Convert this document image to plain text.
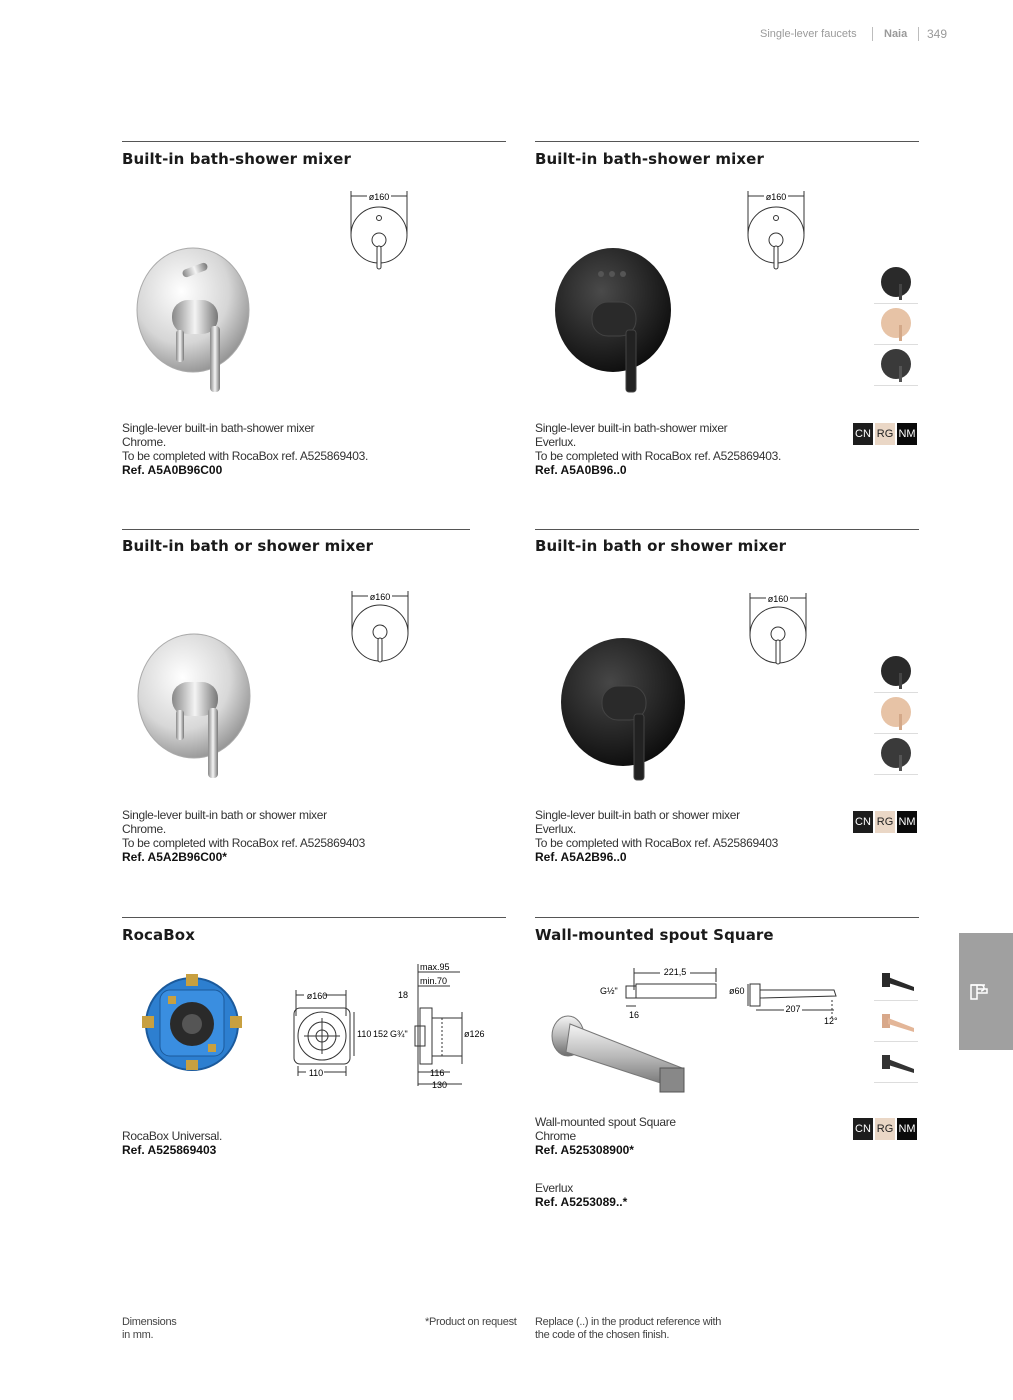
Single-lever faucets Naia 349
Built-in bath-shower mixer
ø160
Single-lever built-in bath-shower mixer
Chrome.
To be completed with RocaBox ref. A525869403.
Ref. A5A0B96C00
Built-in bath-shower mixer
ø160
CN RG NM
Single-lever built-in bath-shower mixer
Everlux.
To be completed with RocaBox ref. A525869403.
Ref. A5A0B96..0
Built-in bath or shower mixer
ø160
Single-lever built-in bath or shower mixer
Chrome.
To be completed with RocaBox ref. A525869403
Ref. A5A2B96C00*
Built-in bath or shower mixer
ø160
CN RG NM
Single-lever built-in bath or shower mixer
Everlux.
To be completed with RocaBox ref. A525869403
Ref. A5A2B96..0
RocaBox
ø160
110
110 152 G¾"	ø126
max.95
min.70
18
116
130
RocaBox Universal.
Ref. A525869403
Wall-mounted spout Square
221,5
G½"
16
ø60
207
12°
CN RG NM
Wall-mounted spout Square
Chrome
Ref. A525308900*
Everlux
Ref. A5253089..*
Dimensions
in mm.
*Product on request Replace (..) in the product reference with
the code of the chosen finish.
